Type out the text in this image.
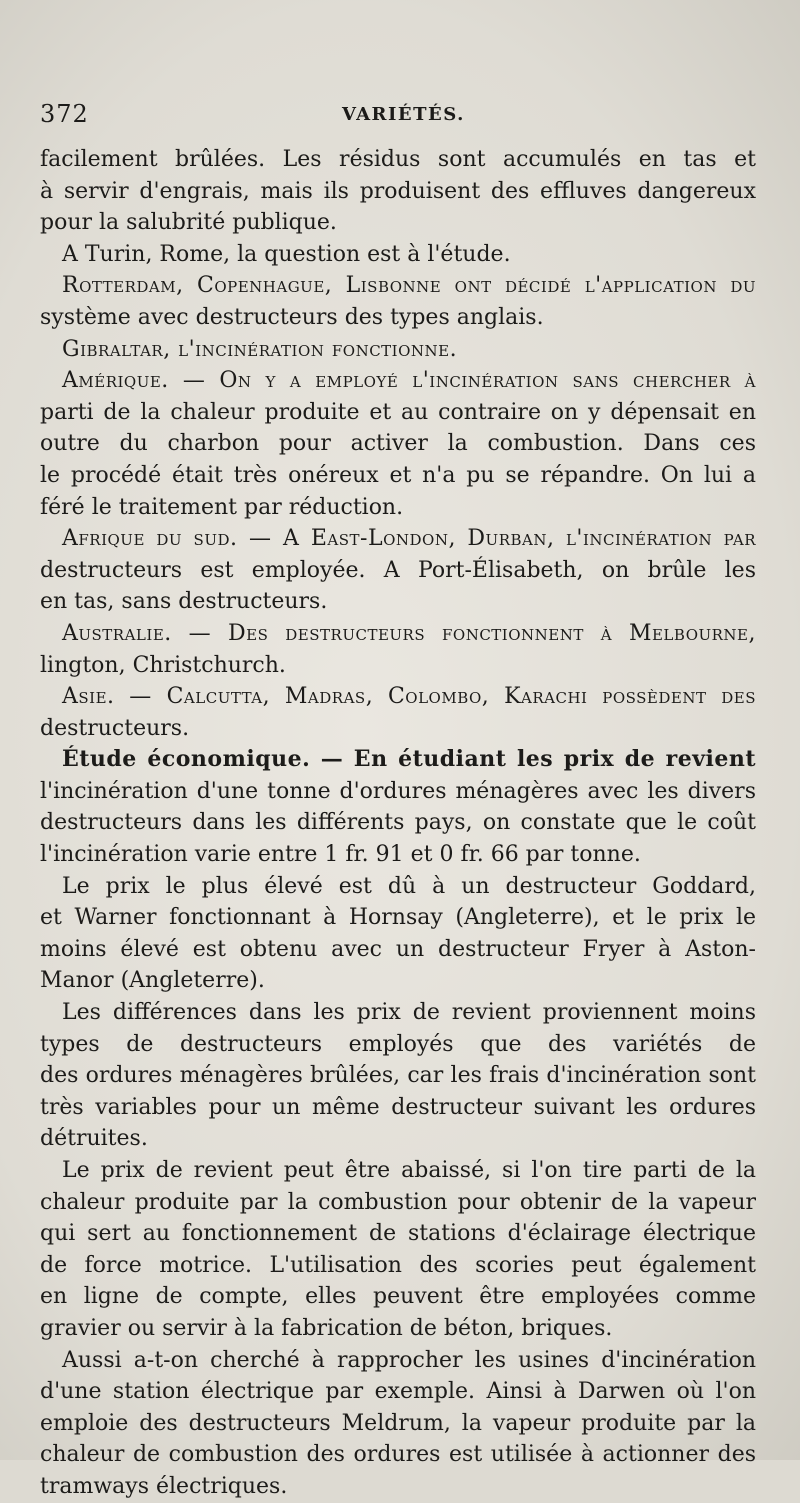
372	VARIÉTÉS.
facilement brûlées. Les résidus sont accumulés en tas et
à servir d'engrais, mais ils produisent des effluves dangereux
pour la salubrité publique.
A Turin, Rome, la question est à l'étude.
Rotterdam, Copenhague, Lisbonne ont décidé l'application du
système avec destructeurs des types anglais.
Gibraltar, l'incinération fonctionne.
Amérique. — On y a employé l'incinération sans chercher à
parti de la chaleur produite et au contraire on y dépensait en
outre du charbon pour activer la combustion. Dans ces
le procédé était très onéreux et n'a pu se répandre. On lui a
féré le traitement par réduction.
Afrique du sud. — A East-London, Durban, l'incinération par
destructeurs est employée. A Port-Élisabeth, on brûle les
en tas, sans destructeurs.
Australie. — Des destructeurs fonctionnent à Melbourne,
lington, Christchurch.
Asie. — Calcutta, Madras, Colombo, Karachi possèdent des
destructeurs.
Étude économique. — En étudiant les prix de revient
l'incinération d'une tonne d'ordures ménagères avec les divers
destructeurs dans les différents pays, on constate que le coût
l'incinération varie entre 1 fr. 91 et 0 fr. 66 par tonne.
Le prix le plus élevé est dû à un destructeur Goddard,
et Warner fonctionnant à Hornsay (Angleterre), et le prix le
moins élevé est obtenu avec un destructeur Fryer à Aston-
Manor (Angleterre).
Les différences dans les prix de revient proviennent moins
types de destructeurs employés que des variétés de
des ordures ménagères brûlées, car les frais d'incinération sont
très variables pour un même destructeur suivant les ordures
détruites.
Le prix de revient peut être abaissé, si l'on tire parti de la
chaleur produite par la combustion pour obtenir de la vapeur
qui sert au fonctionnement de stations d'éclairage électrique
de force motrice. L'utilisation des scories peut également
en ligne de compte, elles peuvent être employées comme
gravier ou servir à la fabrication de béton, briques.
Aussi a-t-on cherché à rapprocher les usines d'incinération
d'une station électrique par exemple. Ainsi à Darwen où l'on
emploie des destructeurs Meldrum, la vapeur produite par la
chaleur de combustion des ordures est utilisée à actionner des
tramways électriques.
